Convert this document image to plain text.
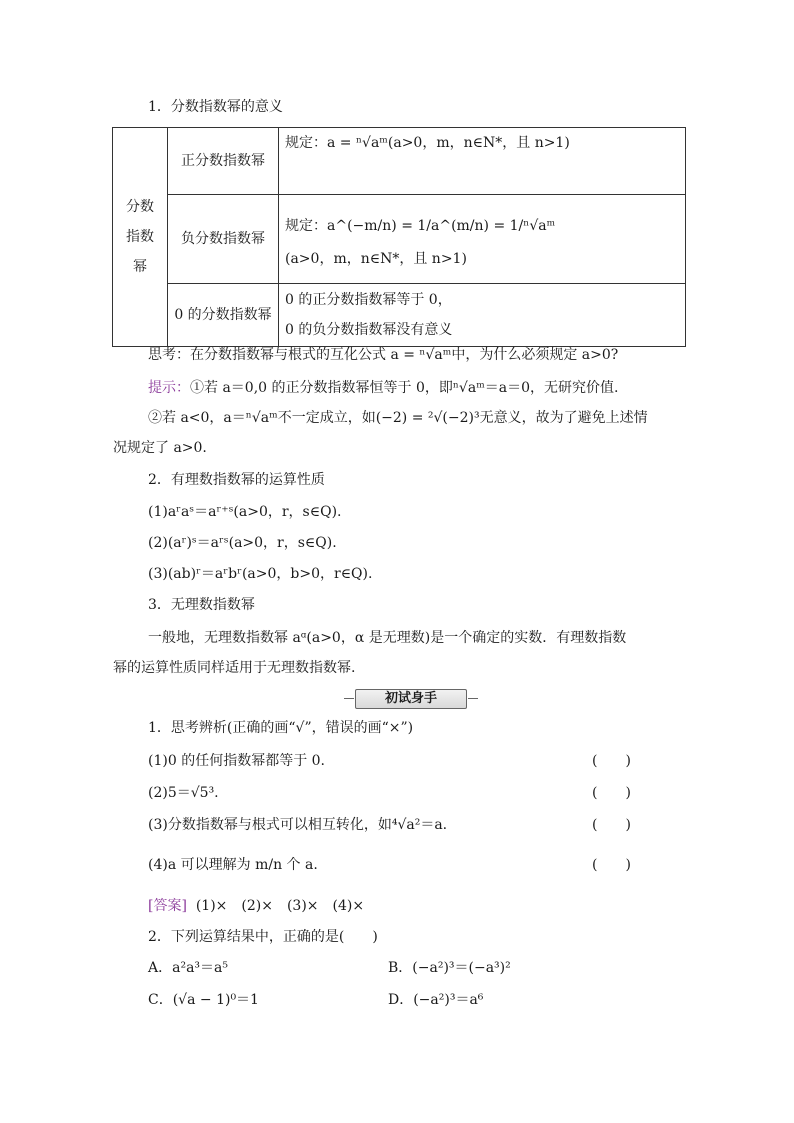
1．分数指数幂的意义
分数指数幂	正分数指数幂	规定：a = ⁿ√aᵐ(a>0，m，n∈N*，且 n>1)

	负分数指数幂	规定：a^(−m/n) = 1/a^(m/n) = 1/ⁿ√aᵐ
(a>0，m，n∈N*，且 n>1)

	0 的分数指数幂	0 的正分数指数幂等于 0，
0 的负分数指数幂没有意义
思考：在分数指数幂与根式的互化公式 a = ⁿ√aᵐ中，为什么必须规定 a>0?
提示：①若 a＝0,0 的正分数指数幂恒等于 0，即ⁿ√aᵐ＝a＝0，无研究价值.
②若 a<0，a＝ⁿ√aᵐ不一定成立，如(−2) = ²√(−2)³无意义，故为了避免上述情
况规定了 a>0.
2．有理数指数幂的运算性质
(1)aʳaˢ＝aʳ⁺ˢ(a>0，r，s∈Q).
(2)(aʳ)ˢ＝aʳˢ(a>0，r，s∈Q).
(3)(ab)ʳ＝aʳbʳ(a>0，b>0，r∈Q).
3．无理数指数幂
一般地，无理数指数幂 aᵅ(a>0，α 是无理数)是一个确定的实数．有理数指数
幂的运算性质同样适用于无理数指数幂.
初试身手
1．思考辨析(正确的画“√”，错误的画“×”)
(1)0 的任何指数幂都等于 0.	(　　)
(2)5＝√5³.	(　　)
(3)分数指数幂与根式可以相互转化，如⁴√a²＝a.	(　　)
(4)a 可以理解为 m/n 个 a.	(　　)
[答案] (1)×　(2)×　(3)×　(4)×
2．下列运算结果中，正确的是(　　)
A．a²a³＝a⁵	B．(−a²)³＝(−a³)²
C．(√a − 1)⁰＝1	D．(−a²)³＝a⁶
